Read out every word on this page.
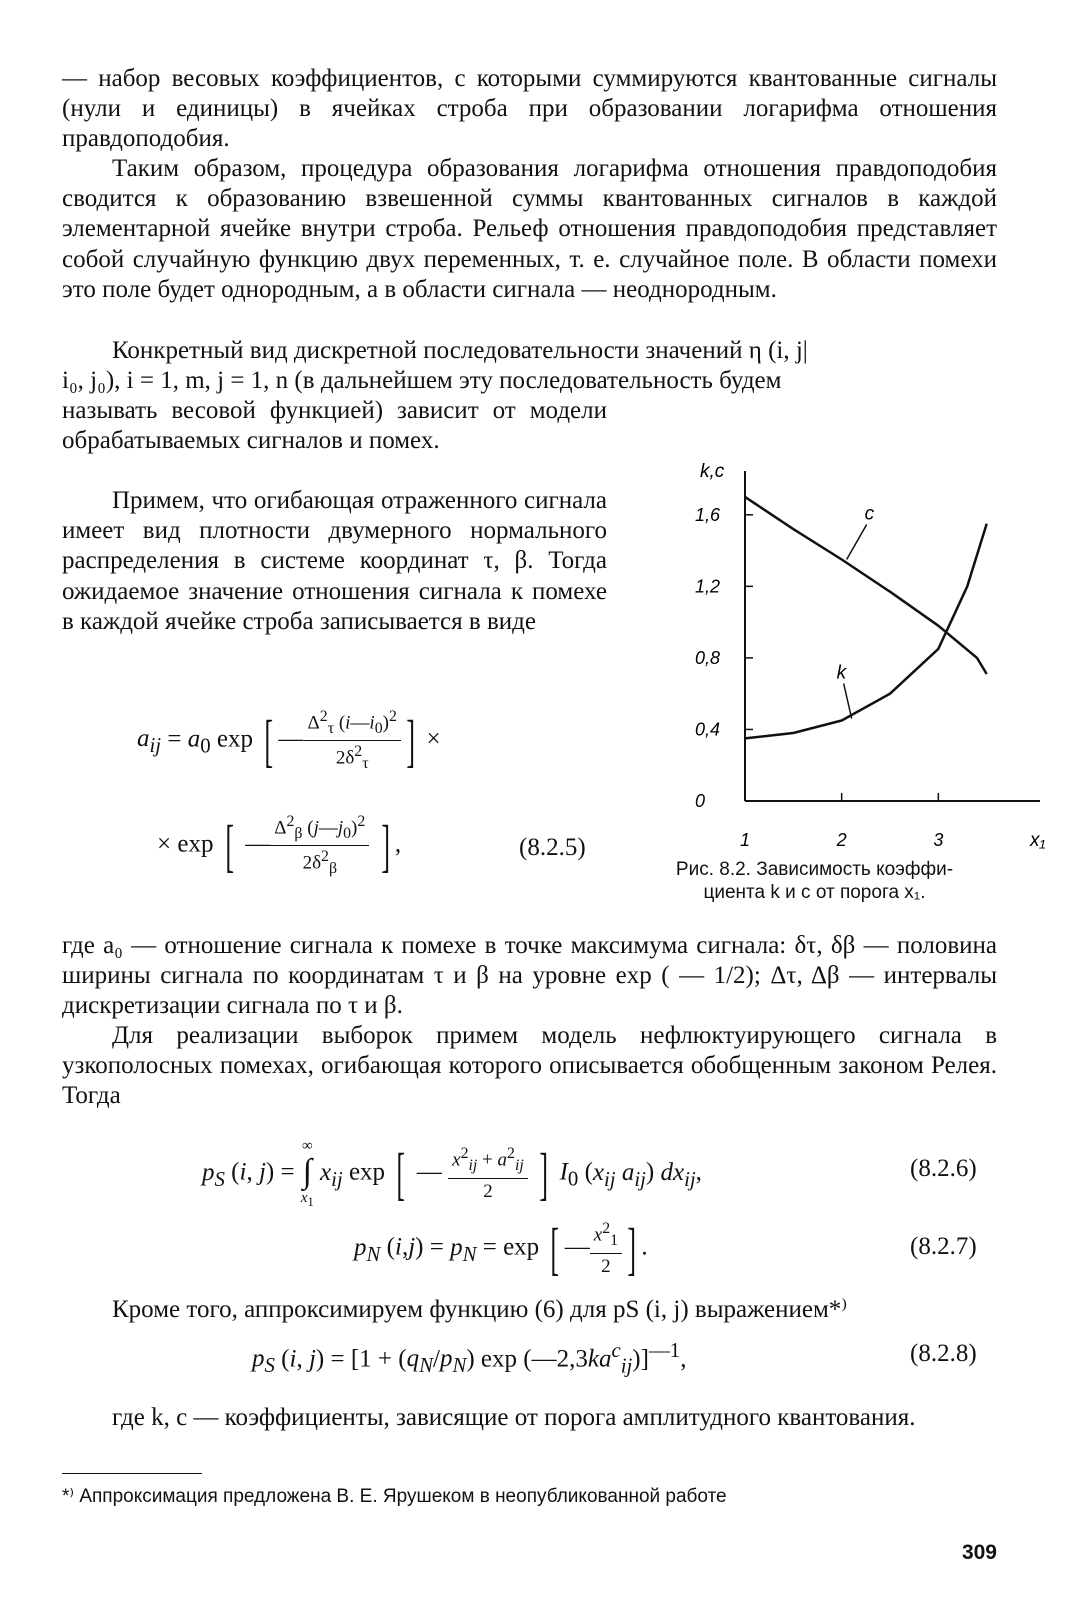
— набор весовых коэффициентов, с которыми суммируются квантованные сигналы (нули и единицы) в ячейках строба при образовании логарифма отношения правдоподобия.

Таким образом, процедура образования логарифма отношения правдоподобия сводится к образованию взвешенной суммы квантованных сигналов в каждой элементарной ячейке внутри строба. Рельеф отношения правдоподобия представляет собой случайную функцию двух переменных, т. е. случайное поле. В области помехи это поле будет однородным, а в области сигнала — неоднородным.

Конкретный вид дискретной последовательности значений η (i, j|

i₀, j₀), i = 1, m, j = 1, n (в дальнейшем эту последовательность будем

называть весовой функцией) зависит от модели обрабатываемых сигналов и помех.

Примем, что огибающая отраженного сигнала имеет вид плотности двумерного нормального распределения в системе координат τ, β. Тогда ожидаемое значение отношения сигнала к помехе в каждой ячейке строба записывается в виде

$a_{ij} = a_0$ exp [ — $\frac{\Delta^2_\tau (i—i_0)^2}{2\delta^2_\tau}$ ] ×
× exp [ — $\frac{\Delta^2_\beta (j—j_0)^2}{2\delta^2_\beta}$ ] ,	(8.2.5)
k,c
x₁
0
0,4
0,8
1,2
1,6
1	2	3
c
k
Рис. 8.2. Зависимость коэффи-
циента k и c от порога x₁.

где a₀ — отношение сигнала к помехе в точке максимума сигнала: δτ, δβ — половина ширины сигнала по координатам τ и β на уровне exp ( — 1/2); Δτ, Δβ — интервалы дискретизации сигнала по τ и β.

Для реализации выборок примем модель нефлюктуирующего сигнала в узкополосных помехах, огибающая которого описывается обобщенным законом Релея. Тогда

$p_S$ (i, j) =
∞
∫
$x_1$
$x_{ij}$ exp [ — $\frac{x^2_{ij} + a^2_{ij}}{2}$ ] $I_0$ ($x_{ij}$ $a_{ij}$) $dx_{ij}$,	(8.2.6)
$p_N$ $(i,j) = p_N = \exp$ [ — $\frac{x^2_1}{2}$ ] .	(8.2.7)

Кроме того, аппроксимируем функцию (6) для pS (i, j) выражением*⁾

$p_S$ (i, $j) = [1 + (q_N/p_N)$ $\exp (—2,3ka^c_{ij})]^{—1}$,	(8.2.8)

где k, c — коэффициенты, зависящие от порога амплитудного квантования.

*⁾ Аппроксимация предложена В. Е. Ярушеком в неопубликованной работе
309
